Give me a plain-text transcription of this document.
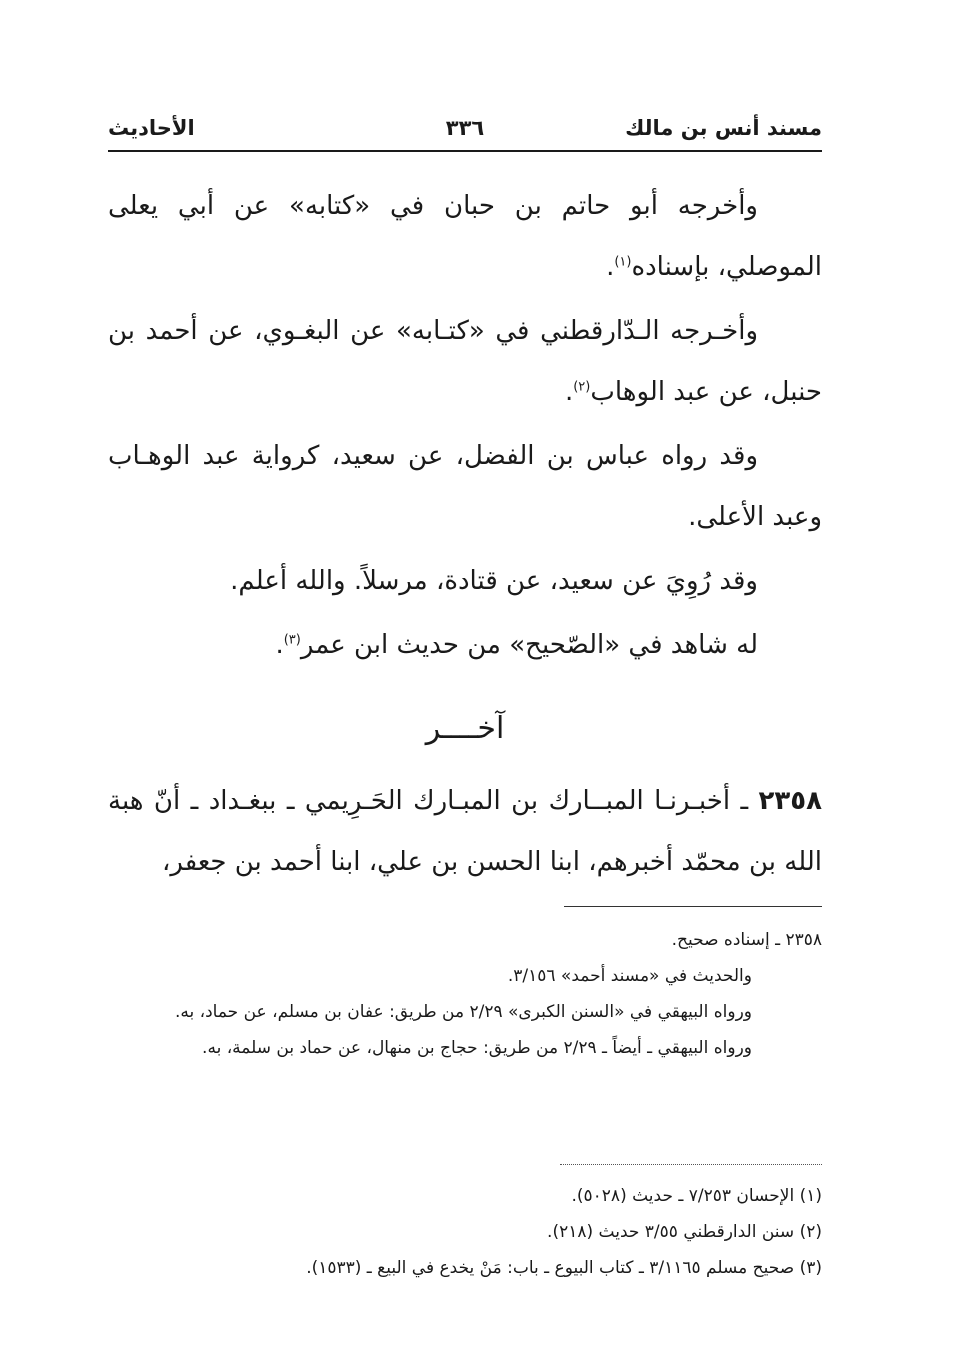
مسند أنس بن مالك
٣٣٦
الأحاديث

وأخرجه أبو حاتم بن حبان في «كتابه» عن أبي يعلى الموصلي، بإسناده$^{(١)}$.

وأخـرجه الـدّارقطني في «كتـابه» عن البغـوي، عن أحمد بن حنبل، عن عبد الوهاب$^{(٢)}$.

وقد رواه عباس بن الفضل، عن سعيد، كرواية عبد الوهـاب وعبد الأعلى.

وقد رُوِيَ عن سعيد، عن قتادة، مرسلاً. والله أعلم.

له شاهد في «الصّحيح» من حديث ابن عمر$^{(٣)}$.

آخــــر

٢٣٥٨ ـ أخبـرنـا المبــارك بن المبـارك الحَـرِيمي ـ ببغـداد ـ أنّ هبة الله بن محمّد أخبرهم، ابنا الحسن بن علي، ابنا أحمد بن جعفر،

٢٣٥٨ ـ إسناده صحيح.
والحديث في «مسند أحمد» ٣/١٥٦.
ورواه البيهقي في «السنن الكبرى» ٢/٢٩ من طريق: عفان بن مسلم، عن حماد، به.
ورواه البيهقي ـ أيضاً ـ ٢/٢٩ من طريق: حجاج بن منهال، عن حماد بن سلمة، به.
(١) الإحسان ٧/٢٥٣ ـ حديث (٥٠٢٨).
(٢) سنن الدارقطني ٣/٥٥ حديث (٢١٨).
(٣) صحيح مسلم ٣/١١٦٥ ـ كتاب البيوع ـ باب: مَنْ يخدع في البيع ـ (١٥٣٣).
